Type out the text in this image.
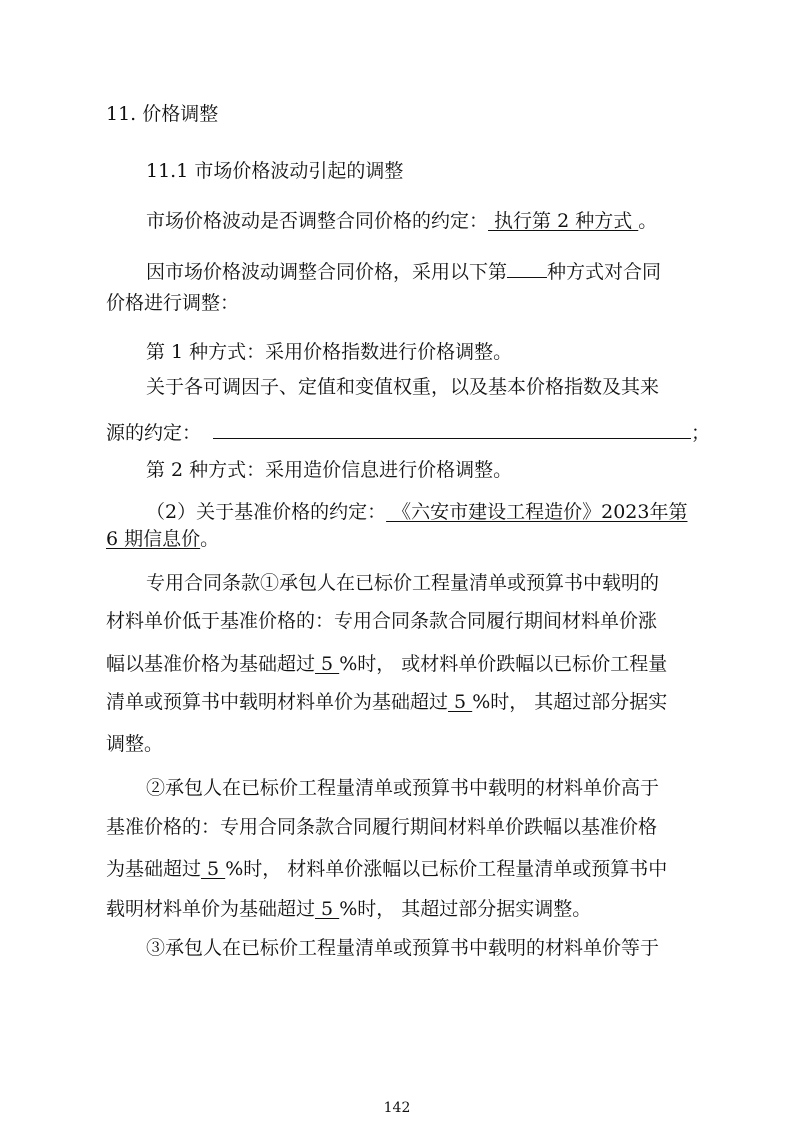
11. 价格调整
11.1 市场价格波动引起的调整
市场价格波动是否调整合同价格的约定： 执行第 2 种方式 。
因市场价格波动调整合同价格，采用以下第 种方式对合同
价格进行调整：
第 1 种方式：采用价格指数进行价格调整。
关于各可调因子、定值和变值权重，以及基本价格指数及其来
源的约定：	；
第 2 种方式：采用造价信息进行价格调整。
（2）关于基准价格的约定： 《六安市建设工程造价》2023年第
6 期信息价。
专用合同条款①承包人在已标价工程量清单或预算书中载明的
材料单价低于基准价格的：专用合同条款合同履行期间材料单价涨
幅以基准价格为基础超过 5 %时， 或材料单价跌幅以已标价工程量
清单或预算书中载明材料单价为基础超过 5 %时， 其超过部分据实
调整。
②承包人在已标价工程量清单或预算书中载明的材料单价高于
基准价格的：专用合同条款合同履行期间材料单价跌幅以基准价格
为基础超过 5 %时， 材料单价涨幅以已标价工程量清单或预算书中
载明材料单价为基础超过 5 %时， 其超过部分据实调整。
③承包人在已标价工程量清单或预算书中载明的材料单价等于
142
